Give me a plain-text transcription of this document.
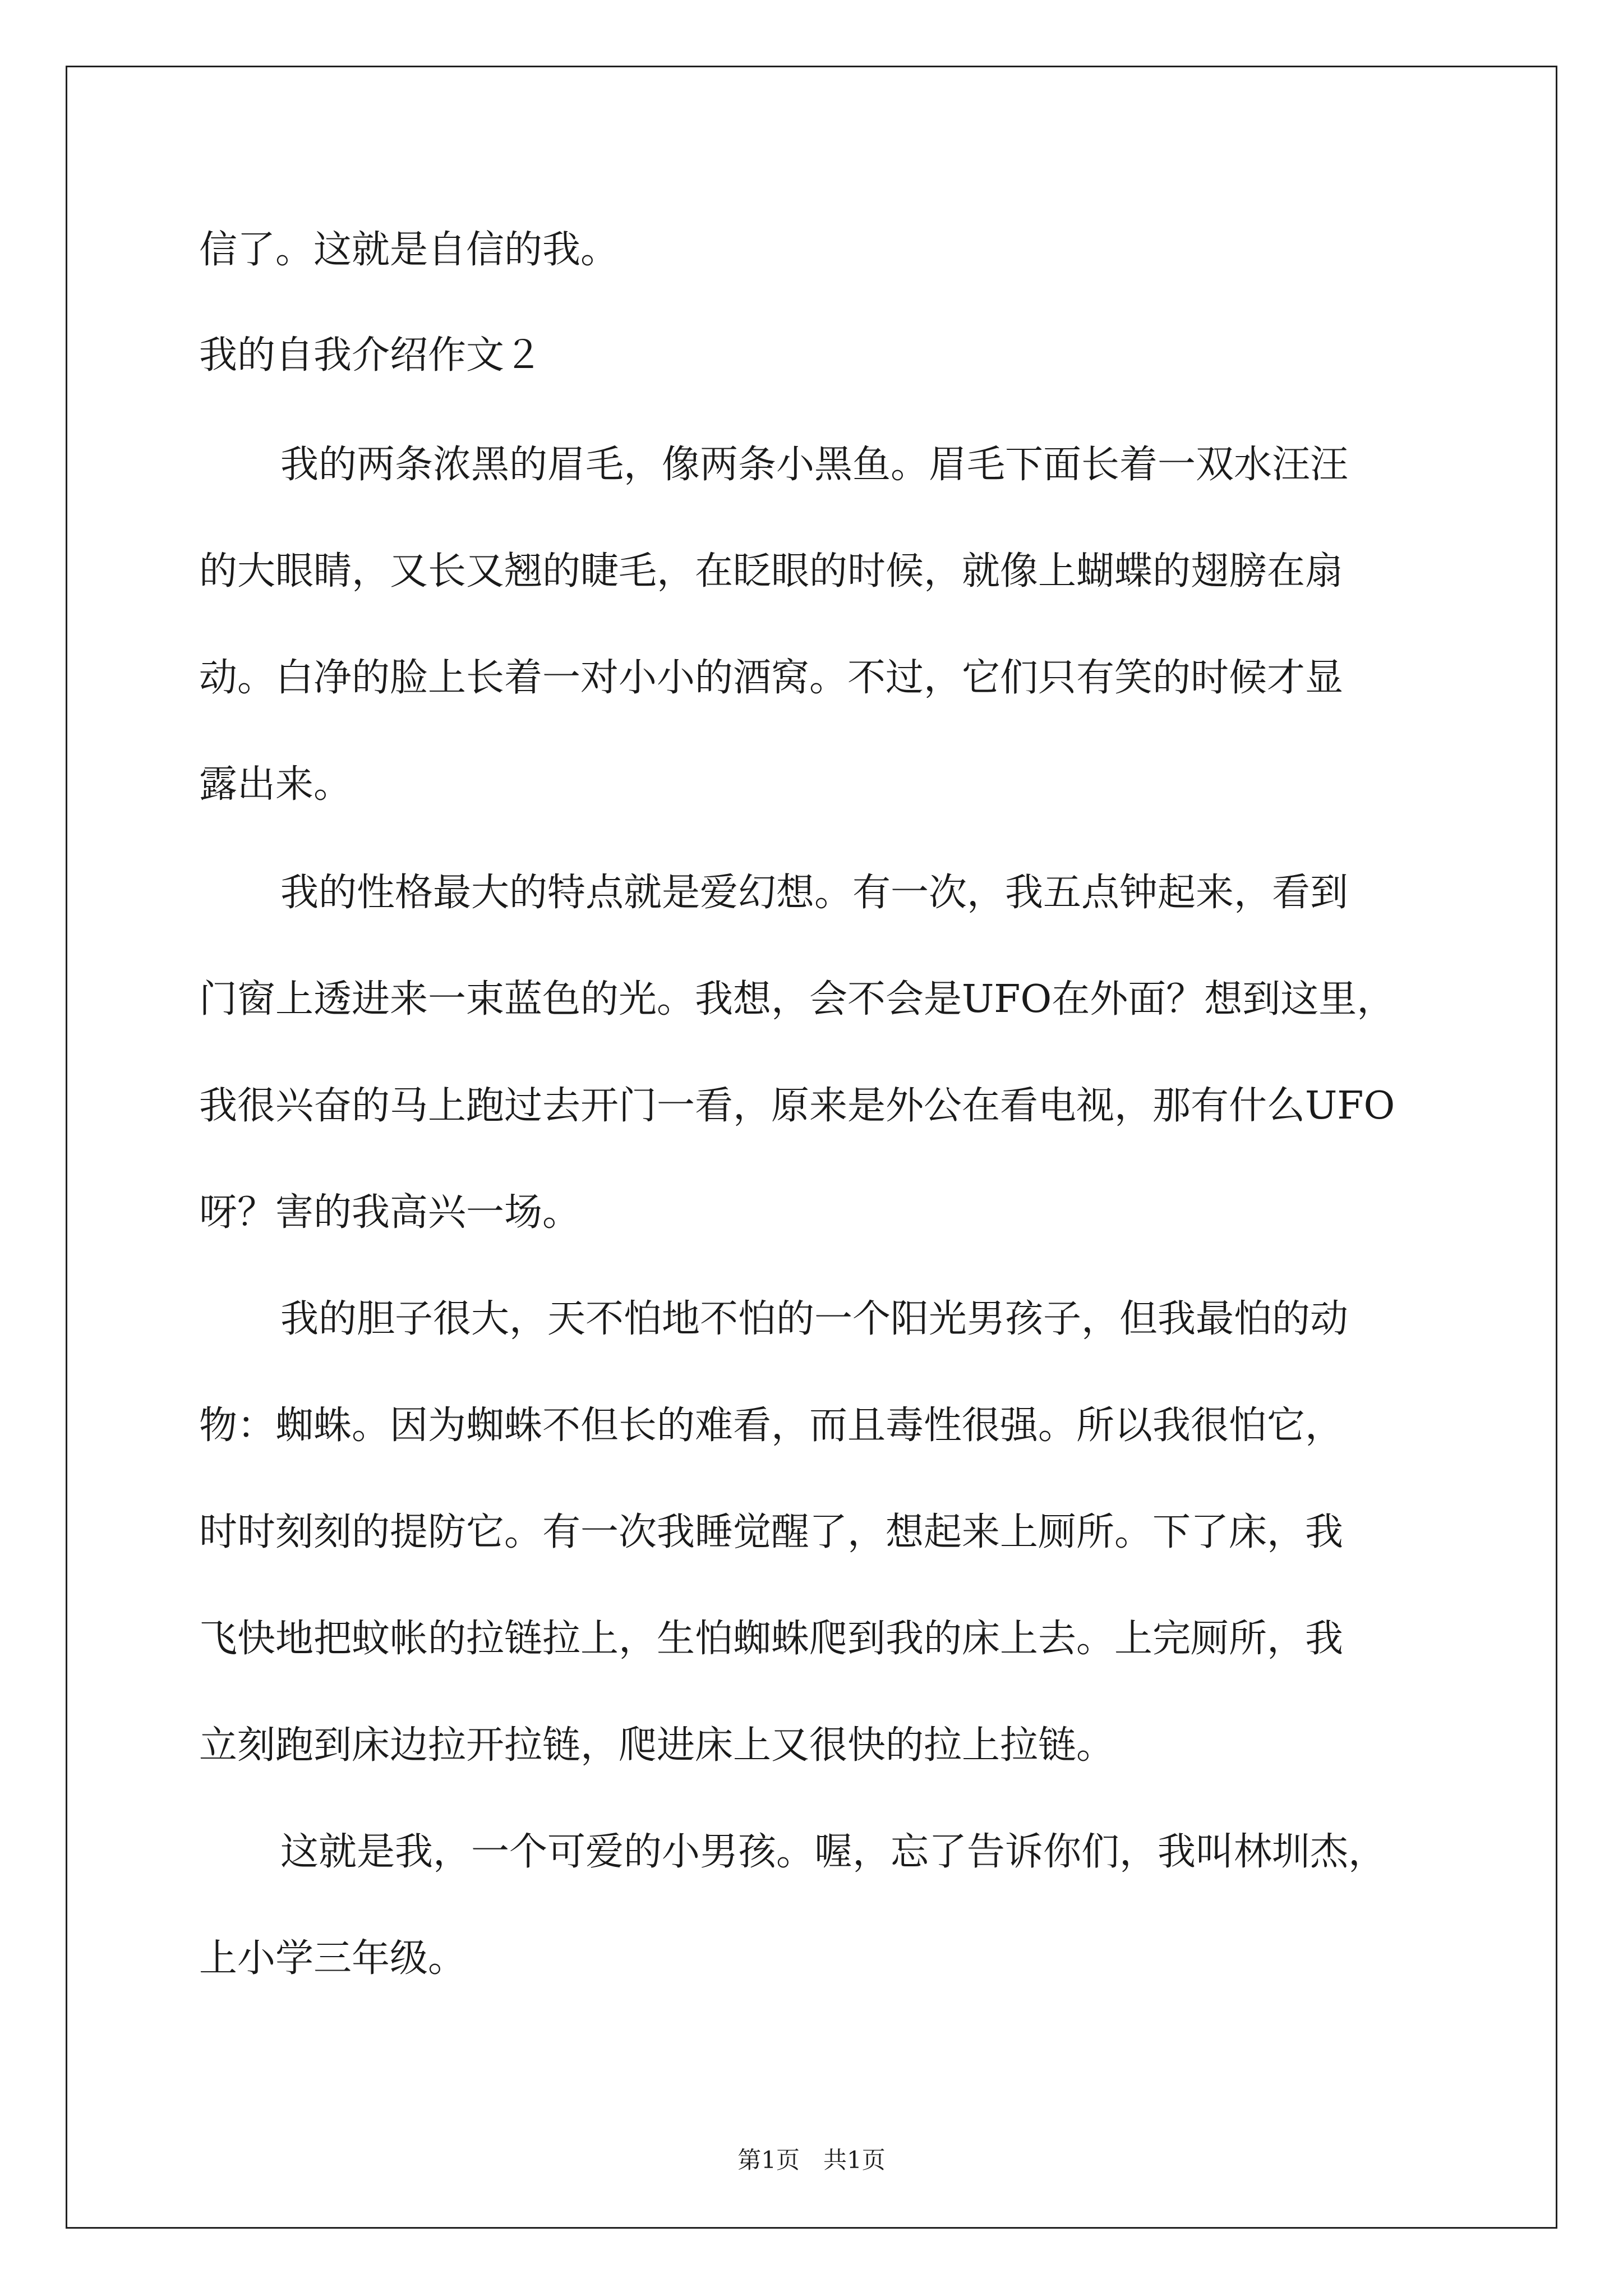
信了。这就是自信的我。
我的自我介绍作文２
我的两条浓黑的眉毛，像两条小黑鱼。眉毛下面长着一双水汪汪
的大眼睛，又长又翘的睫毛，在眨眼的时候，就像上蝴蝶的翅膀在扇
动。白净的脸上长着一对小小的酒窝。不过，它们只有笑的时候才显
露出来。
我的性格最大的特点就是爱幻想。有一次，我五点钟起来，看到
门窗上透进来一束蓝色的光。我想，会不会是UFO在外面？想到这里，
我很兴奋的马上跑过去开门一看，原来是外公在看电视，那有什么UFO
呀？害的我高兴一场。
我的胆子很大，天不怕地不怕的一个阳光男孩子，但我最怕的动
物：蜘蛛。因为蜘蛛不但长的难看，而且毒性很强。所以我很怕它，
时时刻刻的提防它。有一次我睡觉醒了，想起来上厕所。下了床，我
飞快地把蚊帐的拉链拉上，生怕蜘蛛爬到我的床上去。上完厕所，我
立刻跑到床边拉开拉链，爬进床上又很快的拉上拉链。
这就是我，一个可爱的小男孩。喔，忘了告诉你们，我叫林圳杰，
上小学三年级。
第1页　共1页
